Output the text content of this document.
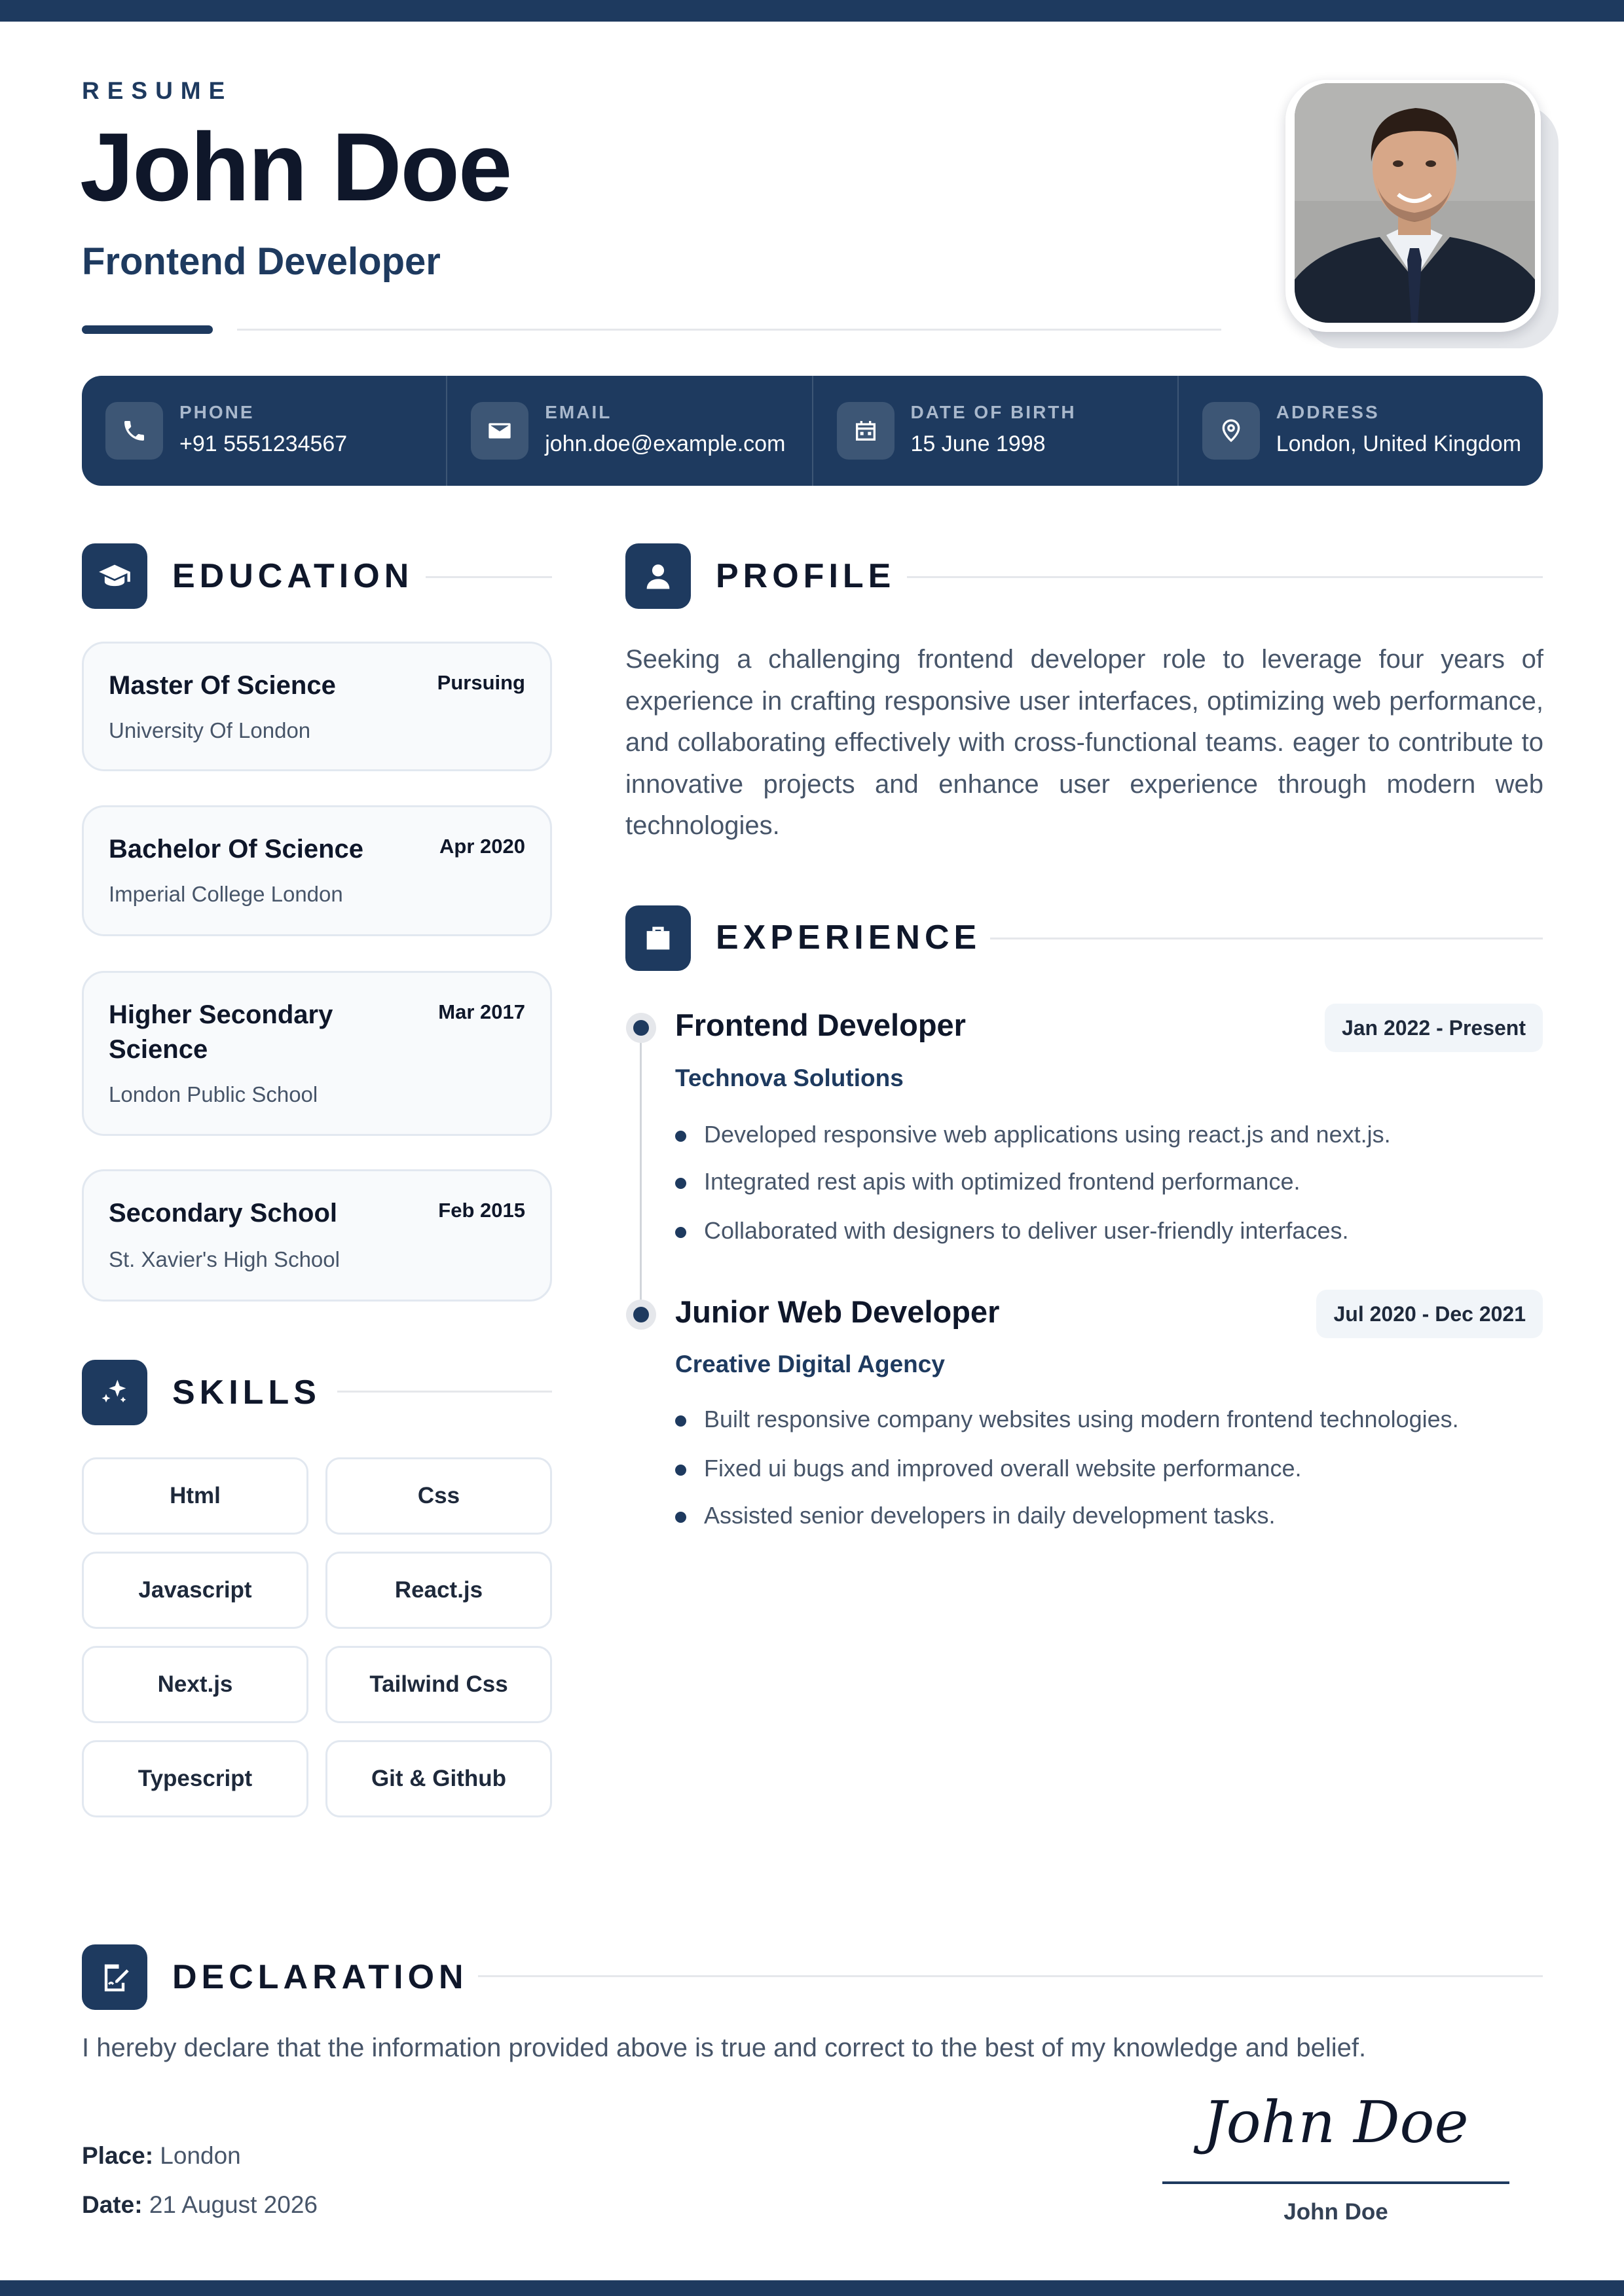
RESUME
John Doe
Frontend Developer
PHONE
+91 5551234567
EMAIL
john.doe@example.com
DATE OF BIRTH
15 June 1998
ADDRESS
London, United Kingdom
EDUCATION
Master Of Science	Pursuing
University Of London
Bachelor Of Science	Apr 2020
Imperial College London
Higher Secondary Science
Mar 2017
London Public School
Secondary School	Feb 2015
St. Xavier's High School
SKILLS
Html	Css
Javascript	React.js
Next.js	Tailwind Css
Typescript	Git & Github
PROFILE
Seeking a challenging frontend developer role to leverage four years of experience in crafting responsive user interfaces, optimizing web performance, and collaborating effectively with cross-functional teams. eager to contribute to innovative projects and enhance user experience through modern web technologies.
EXPERIENCE
Frontend Developer	Jan 2022 - Present
Technova Solutions
Developed responsive web applications using react.js and next.js.
Integrated rest apis with optimized frontend performance.
Collaborated with designers to deliver user-friendly interfaces.
Junior Web Developer	Jul 2020 - Dec 2021
Creative Digital Agency
Built responsive company websites using modern frontend technologies.
Fixed ui bugs and improved overall website performance.
Assisted senior developers in daily development tasks.
DECLARATION
I hereby declare that the information provided above is true and correct to the best of my knowledge and belief.
Place: London
Date: 21 August 2026
John Doe
John Doe
